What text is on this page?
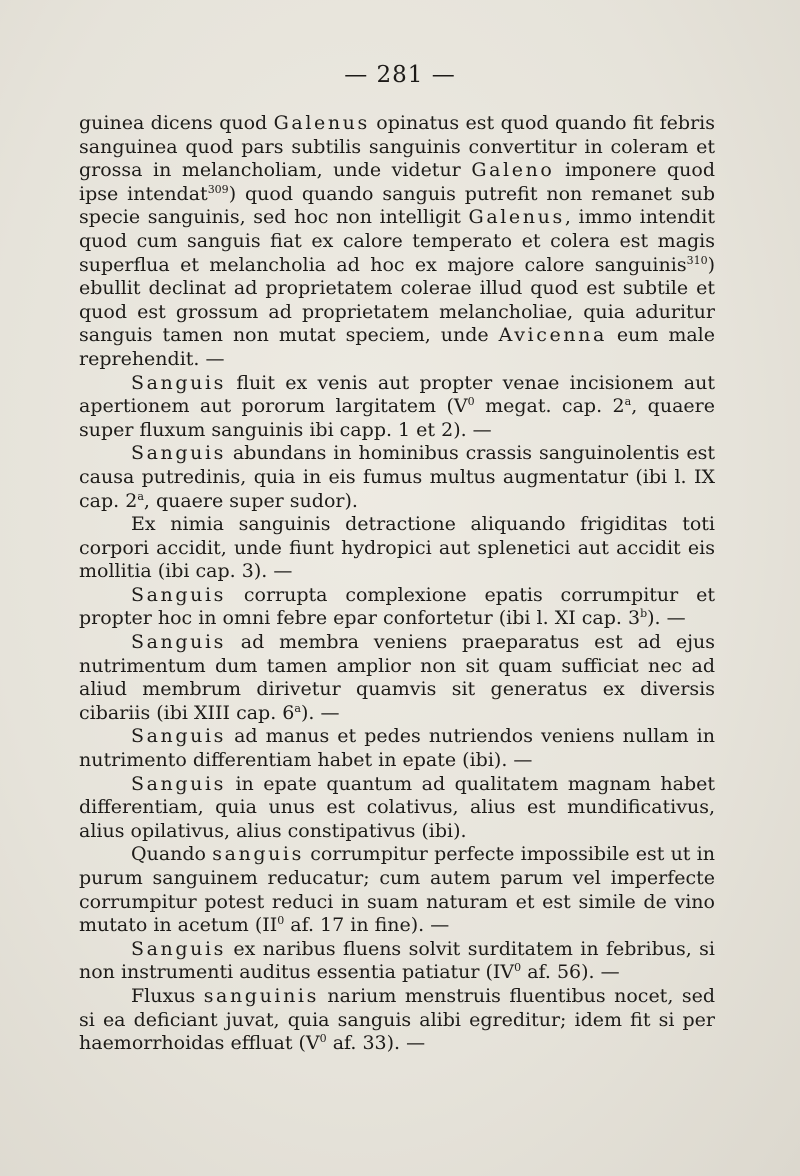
— 281 —

guinea dicens quod Galenus opinatus est quod quando fit febris sanguinea quod pars subtilis sanguinis convertitur in coleram et grossa in melancholiam, unde videtur Galeno imponere quod ipse intendat$^{309}$) quod quando sanguis putrefit non remanet sub specie sanguinis, sed hoc non intelligit Galenus, immo intendit quod cum sanguis fiat ex calore temperato et colera est magis superflua et melancholia ad hoc ex majore calore sanguinis$^{310}$) ebullit declinat ad proprietatem colerae illud quod est subtile et quod est grossum ad proprietatem melancholiae, quia aduritur sanguis tamen non mutat speciem, unde Avicenna eum male reprehendit. —

Sanguis fluit ex venis aut propter venae incisionem aut apertionem aut pororum largitatem ($V^0$ megat. cap. 2$^a$, quaere super fluxum sanguinis ibi capp. 1 et 2). —

Sanguis abundans in hominibus crassis sanguinolentis est causa putredinis, quia in eis fumus multus augmentatur (ibi l. IX cap. 2$^a$, quaere super sudor).

Ex nimia sanguinis detractione aliquando frigiditas toti corpori accidit, unde fiunt hydropici aut splenetici aut accidit eis mollitia (ibi cap. 3). —

Sanguis corrupta complexione epatis corrumpitur et propter hoc in omni febre epar confortetur (ibi l. XI cap. 3$^b$). —

Sanguis ad membra veniens praeparatus est ad ejus nutrimentum dum tamen amplior non sit quam sufficiat nec ad aliud membrum dirivetur quamvis sit generatus ex diversis cibariis (ibi XIII cap. 6$^a$). —

Sanguis ad manus et pedes nutriendos veniens nullam in nutrimento differentiam habet in epate (ibi). —

Sanguis in epate quantum ad qualitatem magnam habet differentiam, quia unus est colativus, alius est mundificativus, alius opilativus, alius constipativus (ibi).

Quando sanguis corrumpitur perfecte impossibile est ut in purum sanguinem reducatur; cum autem parum vel imperfecte corrumpitur potest reduci in suam naturam et est simile de vino mutato in acetum ($II^0$ af. 17 in fine). —

Sanguis ex naribus fluens solvit surditatem in febribus, si non instrumenti auditus essentia patiatur ($IV^0$ af. 56). —

Fluxus sanguinis narium menstruis fluentibus nocet, sed si ea deficiant juvat, quia sanguis alibi egreditur; idem fit si per haemorrhoidas effluat ($V^0$ af. 33). —
